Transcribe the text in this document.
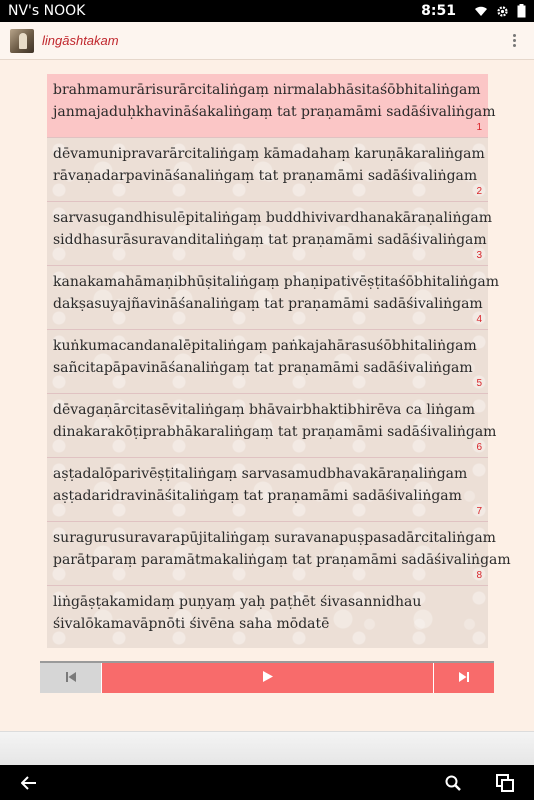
NV's NOOK	8:51
lingāshtakam
brahmamurārisurārcitaliṅgaṃ nirmalabhāsitaśōbhitaliṅgam
janmajaduḥkhavināśakaliṅgaṃ tat praṇamāmi sadāśivaliṅgam
1
dēvamunipravarārcitaliṅgaṃ kāmadahaṃ karuṇākaraliṅgam
rāvaṇadarpavināśanaliṅgaṃ tat praṇamāmi sadāśivaliṅgam
2
sarvasugandhisulēpitaliṅgaṃ buddhivivardhanakāraṇaliṅgam
siddhasurāsuravanditaliṅgaṃ tat praṇamāmi sadāśivaliṅgam
3
kanakamahāmaṇibhūṣitaliṅgaṃ phaṇipativēṣṭitaśōbhitaliṅgam
dakṣasuyajñavināśanaliṅgaṃ tat praṇamāmi sadāśivaliṅgam
4
kuṅkumacandanalēpitaliṅgaṃ paṅkajahārasuśōbhitaliṅgam
sañcitapāpavināśanaliṅgaṃ tat praṇamāmi sadāśivaliṅgam
5
dēvagaṇārcitasēvitaliṅgaṃ bhāvairbhaktibhirēva ca liṅgam
dinakarakōṭiprabhākaraliṅgaṃ tat praṇamāmi sadāśivaliṅgam
6
aṣṭadalōparivēṣṭitaliṅgaṃ sarvasamudbhavakāraṇaliṅgam
aṣṭadaridravināśitaliṅgaṃ tat praṇamāmi sadāśivaliṅgam
7
suragurusuravarapūjitaliṅgaṃ suravanapuṣpasadārcitaliṅgam
parātparaṃ paramātmakaliṅgaṃ tat praṇamāmi sadāśivaliṅgam
8
liṅgāṣṭakamidaṃ puṇyaṃ yaḥ paṭhēt śivasannidhau
śivalōkamavāpnōti śivēna saha mōdatē
